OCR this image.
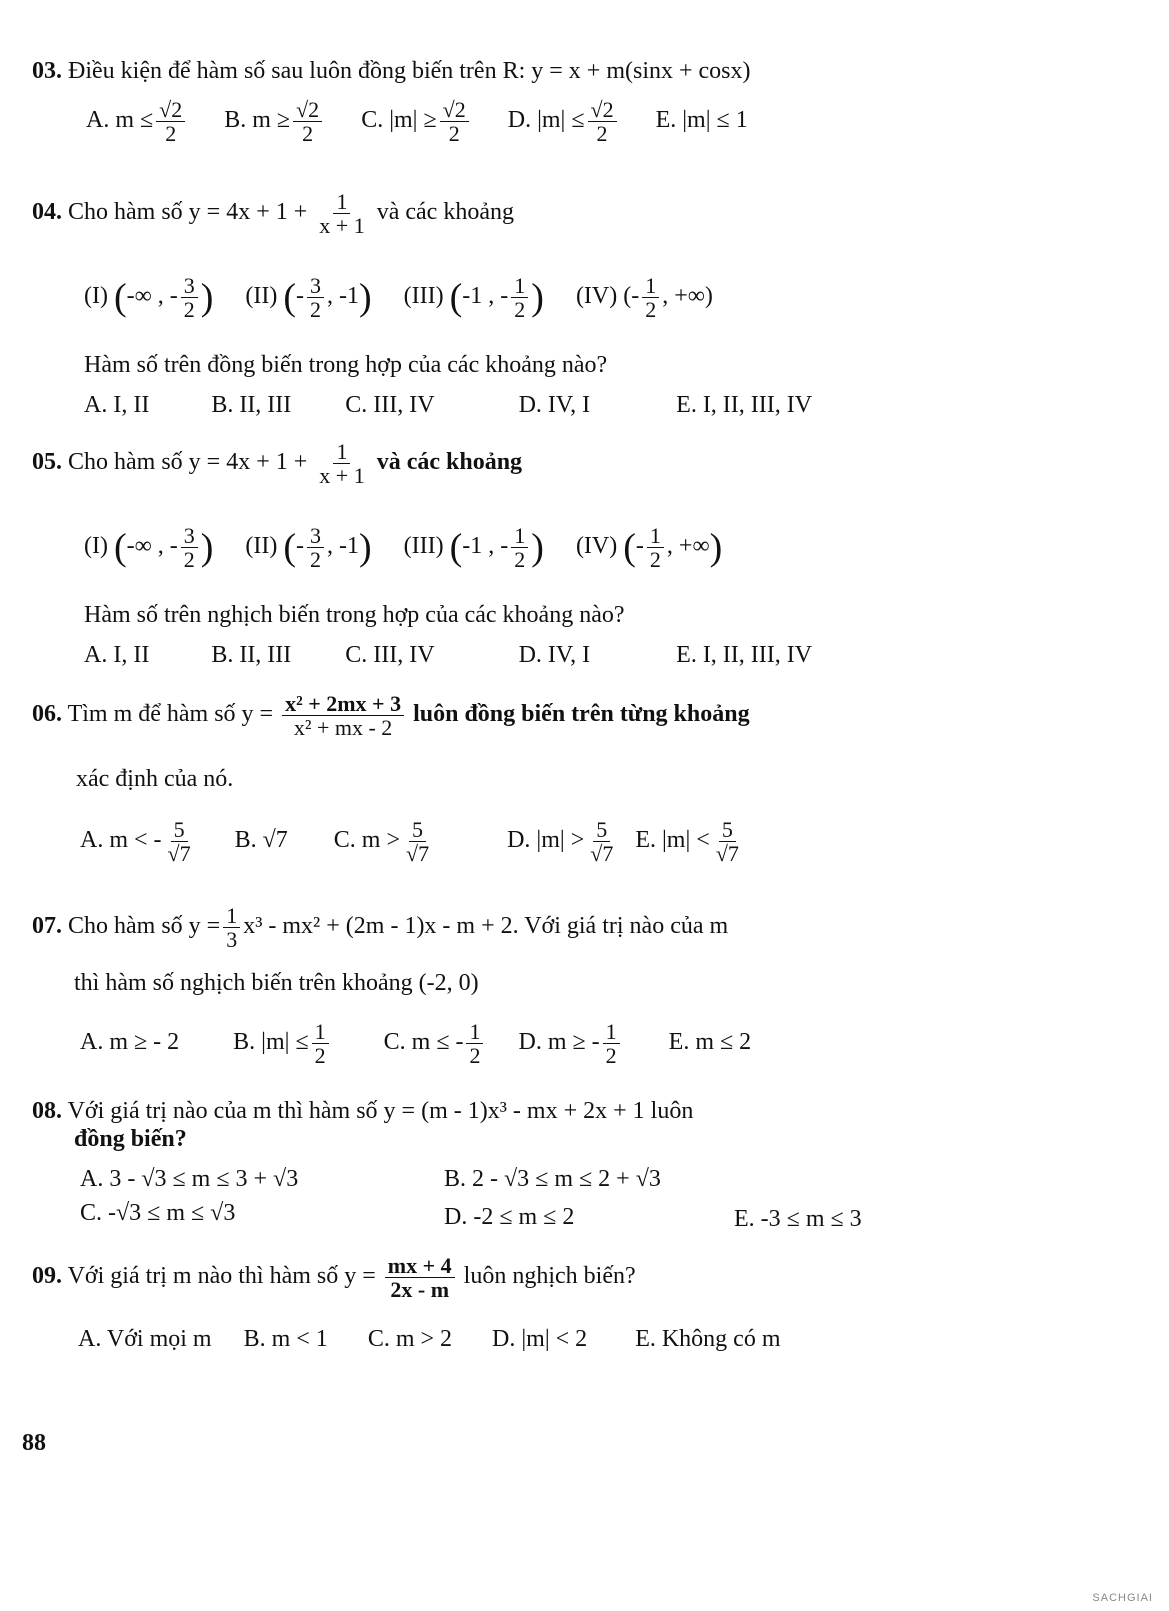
03. Điều kiện để hàm số sau luôn đồng biến trên R: y = x + m(sinx + cosx)
A. $m \le \frac{√2}{2} B$. $m \ge \frac{√2}{2} C$. $|m| \ge \frac{√2}{2} D$. $|m| \le \frac{√2}{2} E$. |m| ≤ 1
04. Cho hàm số $y = 4x + 1 + \frac{1}{x + 1}$ và các khoảng
(I) (-∞ , - $\frac{3}{2}$ ) (II) (- $\frac{3}{2}$ , -1) (III) (-1 , - $\frac{1}{2}$ ) (IV) (- $\frac{1}{2}$ , +∞)
Hàm số trên đồng biến trong hợp của các khoảng nào?
A. I, II	B. II, III C. III, IV	D. IV, I	E. I, II, III, IV
05. Cho hàm số $y = 4x + 1 + \frac{1}{x + 1}$ và các khoảng
(I) (-∞ , - $\frac{3}{2}$ ) (II) (- $\frac{3}{2}$ , -1) (III) (-1 , - $\frac{1}{2}$ ) (IV) (- $\frac{1}{2}$ , +∞)
Hàm số trên nghịch biến trong hợp của các khoảng nào?
A. I, II	B. II, III C. III, IV	D. IV, I	E. I, II, III, IV
06. Tìm m để hàm số $y = \frac{\text{x² + 2mx + 3}}{\text{x² + mx - 2}}$ luôn đồng biến trên từng khoảng
xác định của nó.
A. m < - $\frac{5}{√7} B$. √7 C. $m > \frac{5}{√7}$	D. $|m| > \frac{5}{√7} E$. $|m| < \frac{5}{√7}$
07. Cho hàm số $y = \frac{1}{3} x^3 - mx^2 + (2m - 1)x - m + 2$. Với giá trị nào của m
thì hàm số nghịch biến trên khoảng (-2, 0)
A. m ≥ - 2 B. $|m| \le \frac{1}{2} C$. m ≤ - $\frac{1}{2} D$. m ≥ - $\frac{1}{2} E$. m ≤ 2
08. Với giá trị nào của m thì hàm số y = (m - 1)x³ - mx + 2x + 1 luôn
đồng biến?
A. 3 - √3 ≤ m ≤ 3 + √3	B. 2 - √3 ≤ m ≤ 2 + √3
C. -√3 ≤ m ≤ √3	D. -2 ≤ m ≤ 2	E. -3 ≤ m ≤ 3
09. Với giá trị m nào thì hàm số $y = \frac{mx + 4}{2x - m}$ luôn nghịch biến?
A. Với mọi m B. m < 1 C. m > 2 D. |m| < 2 E. Không có m
88
SACHGIAI
